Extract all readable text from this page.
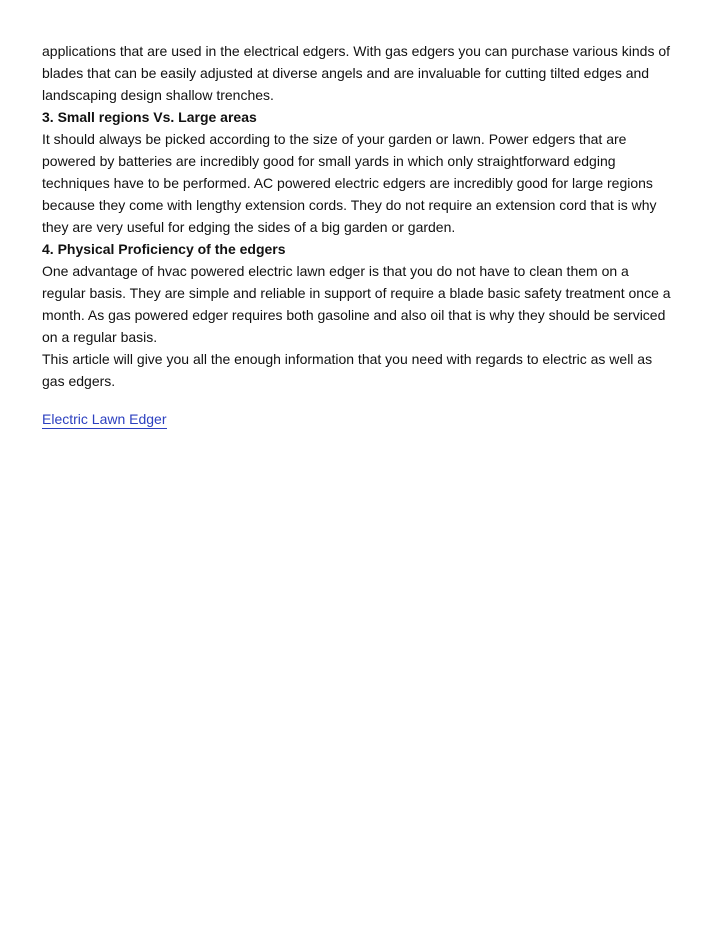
applications that are used in the electrical edgers. With gas edgers you can purchase various kinds of
blades that can be easily adjusted at diverse angels and are invaluable for cutting tilted edges and
landscaping design shallow trenches.
3. Small regions Vs. Large areas
It should always be picked according to the size of your garden or lawn. Power edgers that are
powered by batteries are incredibly good for small yards in which only straightforward edging
techniques have to be performed. AC powered electric edgers are incredibly good for large regions
because they come with lengthy extension cords. They do not require an extension cord that is why
they are very useful for edging the sides of a big garden or garden.
4. Physical Proficiency of the edgers
One advantage of hvac powered electric lawn edger is that you do not have to clean them on a
regular basis. They are simple and reliable in support of require a blade basic safety treatment once a
month. As gas powered edger requires both gasoline and also oil that is why they should be serviced
on a regular basis.
This article will give you all the enough information that you need with regards to electric as well as
gas edgers.
Electric Lawn Edger
